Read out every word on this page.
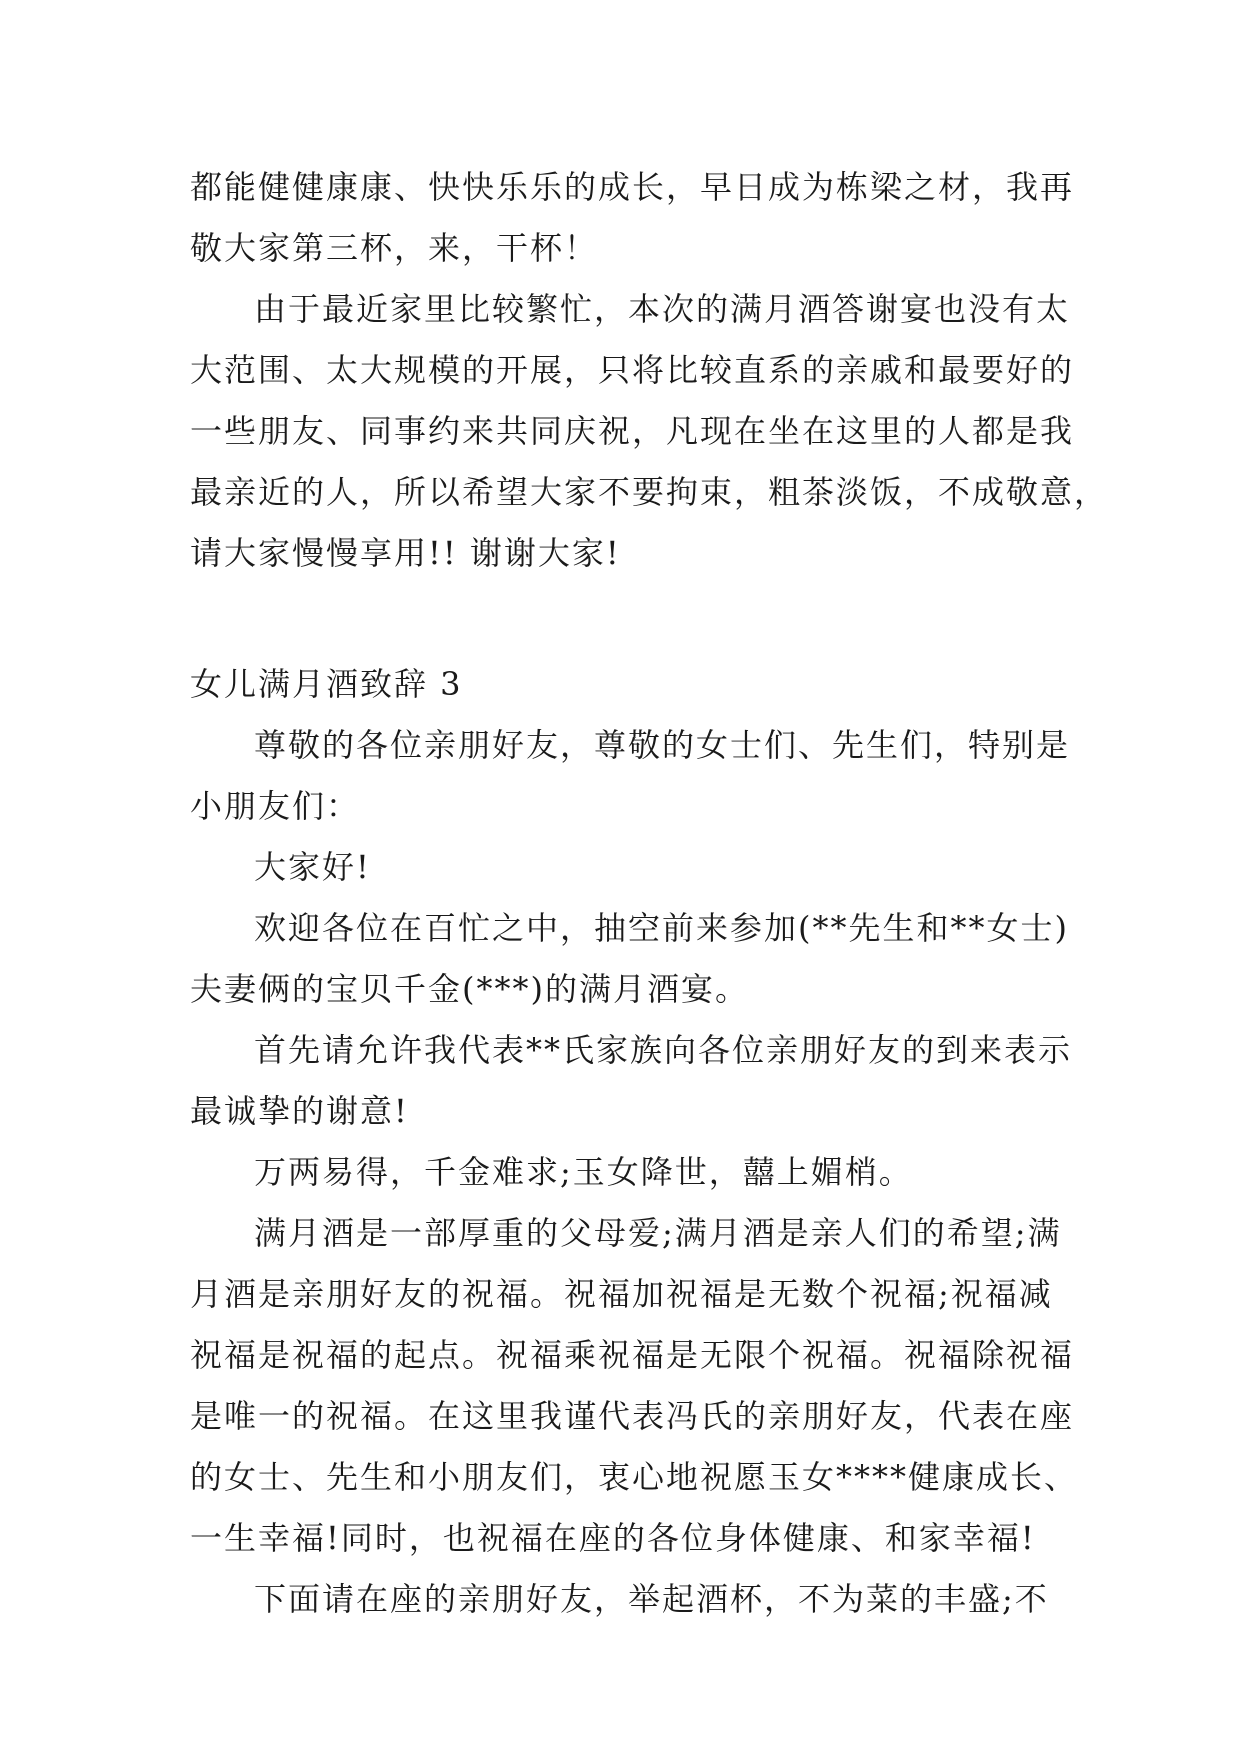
都能健健康康、快快乐乐的成长，早日成为栋梁之材，我再
敬大家第三杯，来，干杯！
由于最近家里比较繁忙，本次的满月酒答谢宴也没有太
大范围、太大规模的开展，只将比较直系的亲戚和最要好的
一些朋友、同事约来共同庆祝，凡现在坐在这里的人都是我
最亲近的人，所以希望大家不要拘束，粗茶淡饭，不成敬意，
请大家慢慢享用!! 谢谢大家!
女儿满月酒致辞 3
尊敬的各位亲朋好友，尊敬的女士们、先生们，特别是
小朋友们：
大家好!
欢迎各位在百忙之中，抽空前来参加(**先生和**女士)
夫妻俩的宝贝千金(***)的满月酒宴。
首先请允许我代表**氏家族向各位亲朋好友的到来表示
最诚挚的谢意!
万两易得，千金难求;玉女降世，囍上媚梢。
满月酒是一部厚重的父母爱;满月酒是亲人们的希望;满
月酒是亲朋好友的祝福。祝福加祝福是无数个祝福;祝福减
祝福是祝福的起点。祝福乘祝福是无限个祝福。祝福除祝福
是唯一的祝福。在这里我谨代表冯氏的亲朋好友，代表在座
的女士、先生和小朋友们，衷心地祝愿玉女****健康成长、
一生幸福!同时，也祝福在座的各位身体健康、和家幸福!
下面请在座的亲朋好友，举起酒杯，不为菜的丰盛;不
